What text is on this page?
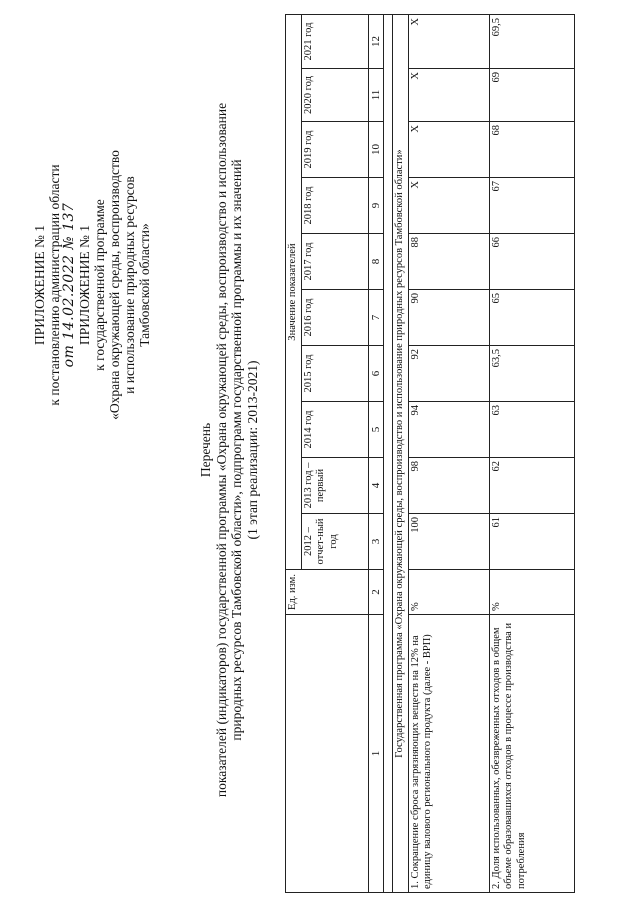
ПРИЛОЖЕНИЕ № 1 к постановлению администрации области от 14.02.2022 № 137 ПРИЛОЖЕНИЕ № 1 к государственной программе «Охрана окружающей среды, воспроизводство и использование природных ресурсов Тамбовской области»
Перечень показателей (индикаторов) государственной программы «Охрана окружающей среды, воспроизводство и использование природных ресурсов Тамбовской области», подпрограмм государственной программы и их значений (1 этап реализации: 2013-2021)
	Ед. изм.	Значение показателей									
		2012 – отчет-ный год	2013 год – первый	2014 год	2015 год	2016 год	2017 год	2018 год	2019 год	2020 год	2021 год
1	2	3	4	5	6	7	8	9	10	11	12

Государственная программа «Охрана окружающей среды, воспроизводство и использование природных ресурсов Тамбовской области»											
1. Сокращение сброса загрязняющих веществ на 12% на единицу валового регионального продукта (далее - ВРП)	%	100	98	94	92	90	88	X	X	X	X
2. Доля использованных, обезвреженных отходов в общем объеме образовавшихся отходов в процессе производства и потребления	%	61	62	63	63,5	65	66	67	68	69	69,5
